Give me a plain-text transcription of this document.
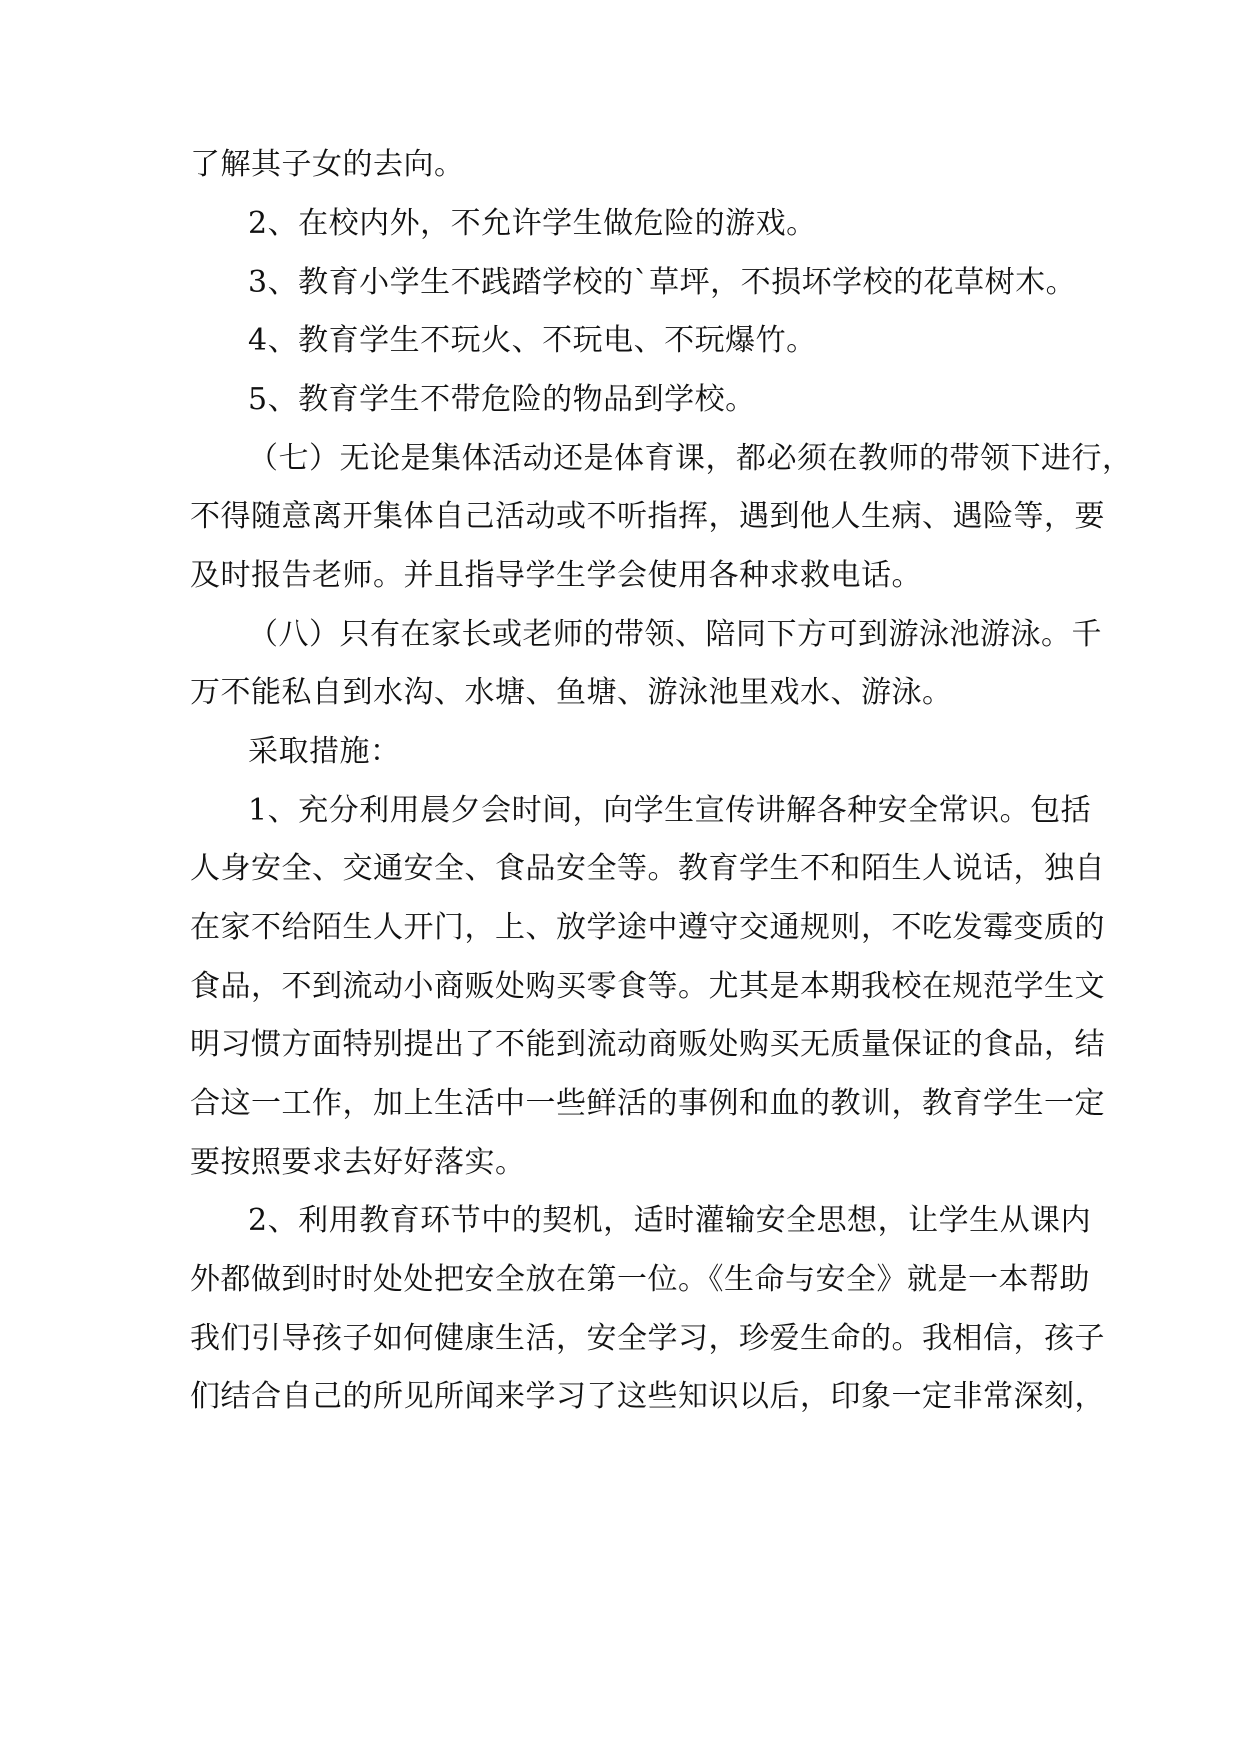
了解其子女的去向。
2、在校内外，不允许学生做危险的游戏。
3、教育小学生不践踏学校的`草坪，不损坏学校的花草树木。
4、教育学生不玩火、不玩电、不玩爆竹。
5、教育学生不带危险的物品到学校。
（七）无论是集体活动还是体育课，都必须在教师的带领下进行，
不得随意离开集体自己活动或不听指挥，遇到他人生病、遇险等，要
及时报告老师。并且指导学生学会使用各种求救电话。
（八）只有在家长或老师的带领、陪同下方可到游泳池游泳。千
万不能私自到水沟、水塘、鱼塘、游泳池里戏水、游泳。
采取措施：
1、充分利用晨夕会时间，向学生宣传讲解各种安全常识。包括
人身安全、交通安全、食品安全等。教育学生不和陌生人说话，独自
在家不给陌生人开门，上、放学途中遵守交通规则，不吃发霉变质的
食品，不到流动小商贩处购买零食等。尤其是本期我校在规范学生文
明习惯方面特别提出了不能到流动商贩处购买无质量保证的食品，结
合这一工作，加上生活中一些鲜活的事例和血的教训，教育学生一定
要按照要求去好好落实。
2、利用教育环节中的契机，适时灌输安全思想，让学生从课内
外都做到时时处处把安全放在第一位。《生命与安全》就是一本帮助
我们引导孩子如何健康生活，安全学习，珍爱生命的。我相信，孩子
们结合自己的所见所闻来学习了这些知识以后，印象一定非常深刻，
